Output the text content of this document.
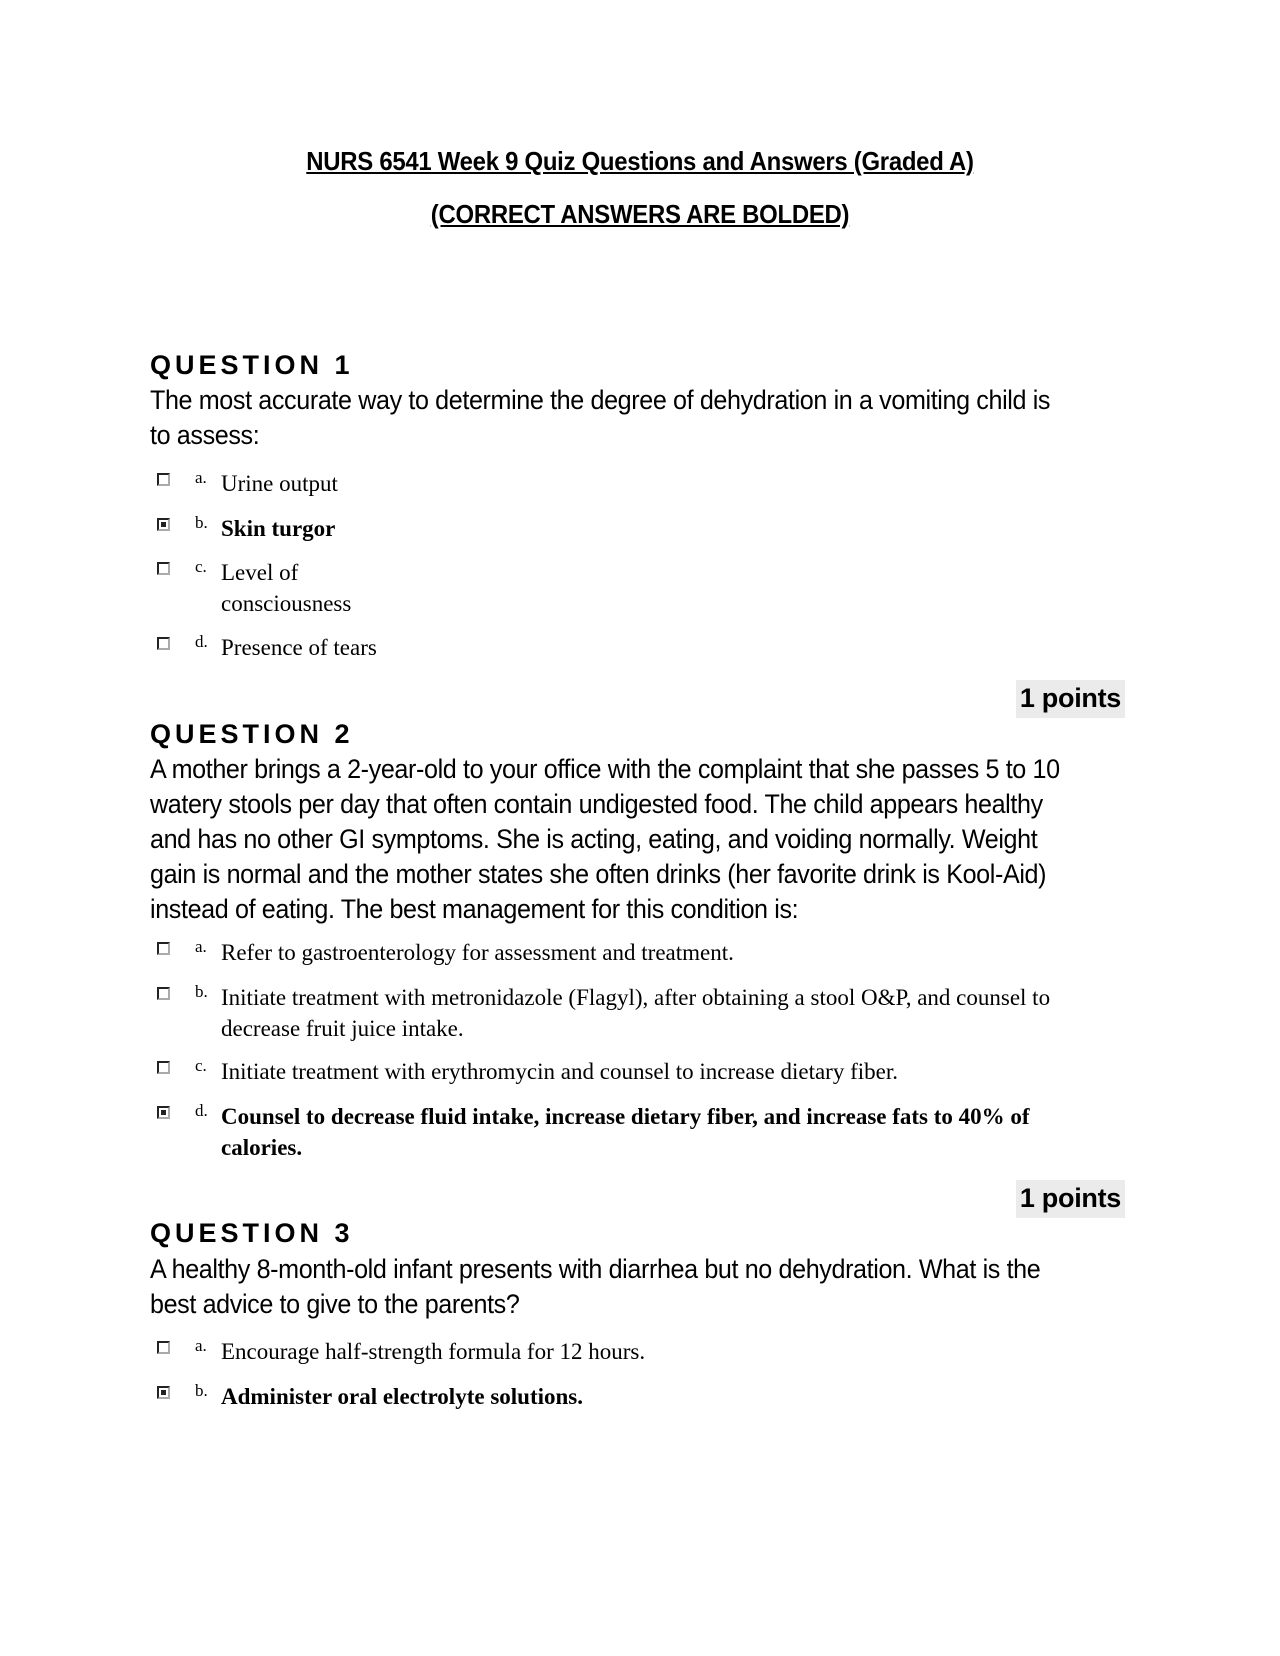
NURS 6541 Week 9 Quiz Questions and Answers (Graded A)
(CORRECT ANSWERS ARE BOLDED)
QUESTION 1
The most accurate way to determine the degree of dehydration in a vomiting child is to assess:
a. Urine output
b. Skin turgor
c. Level of consciousness
d. Presence of tears
1 points
QUESTION 2
A mother brings a 2-year-old to your office with the complaint that she passes 5 to 10 watery stools per day that often contain undigested food. The child appears healthy and has no other GI symptoms. She is acting, eating, and voiding normally. Weight gain is normal and the mother states she often drinks (her favorite drink is Kool-Aid) instead of eating. The best management for this condition is:
a. Refer to gastroenterology for assessment and treatment.
b. Initiate treatment with metronidazole (Flagyl), after obtaining a stool O&P, and counsel to decrease fruit juice intake.
c. Initiate treatment with erythromycin and counsel to increase dietary fiber.
d. Counsel to decrease fluid intake, increase dietary fiber, and increase fats to 40% of calories.
1 points
QUESTION 3
A healthy 8-month-old infant presents with diarrhea but no dehydration. What is the best advice to give to the parents?
a. Encourage half-strength formula for 12 hours.
b. Administer oral electrolyte solutions.
